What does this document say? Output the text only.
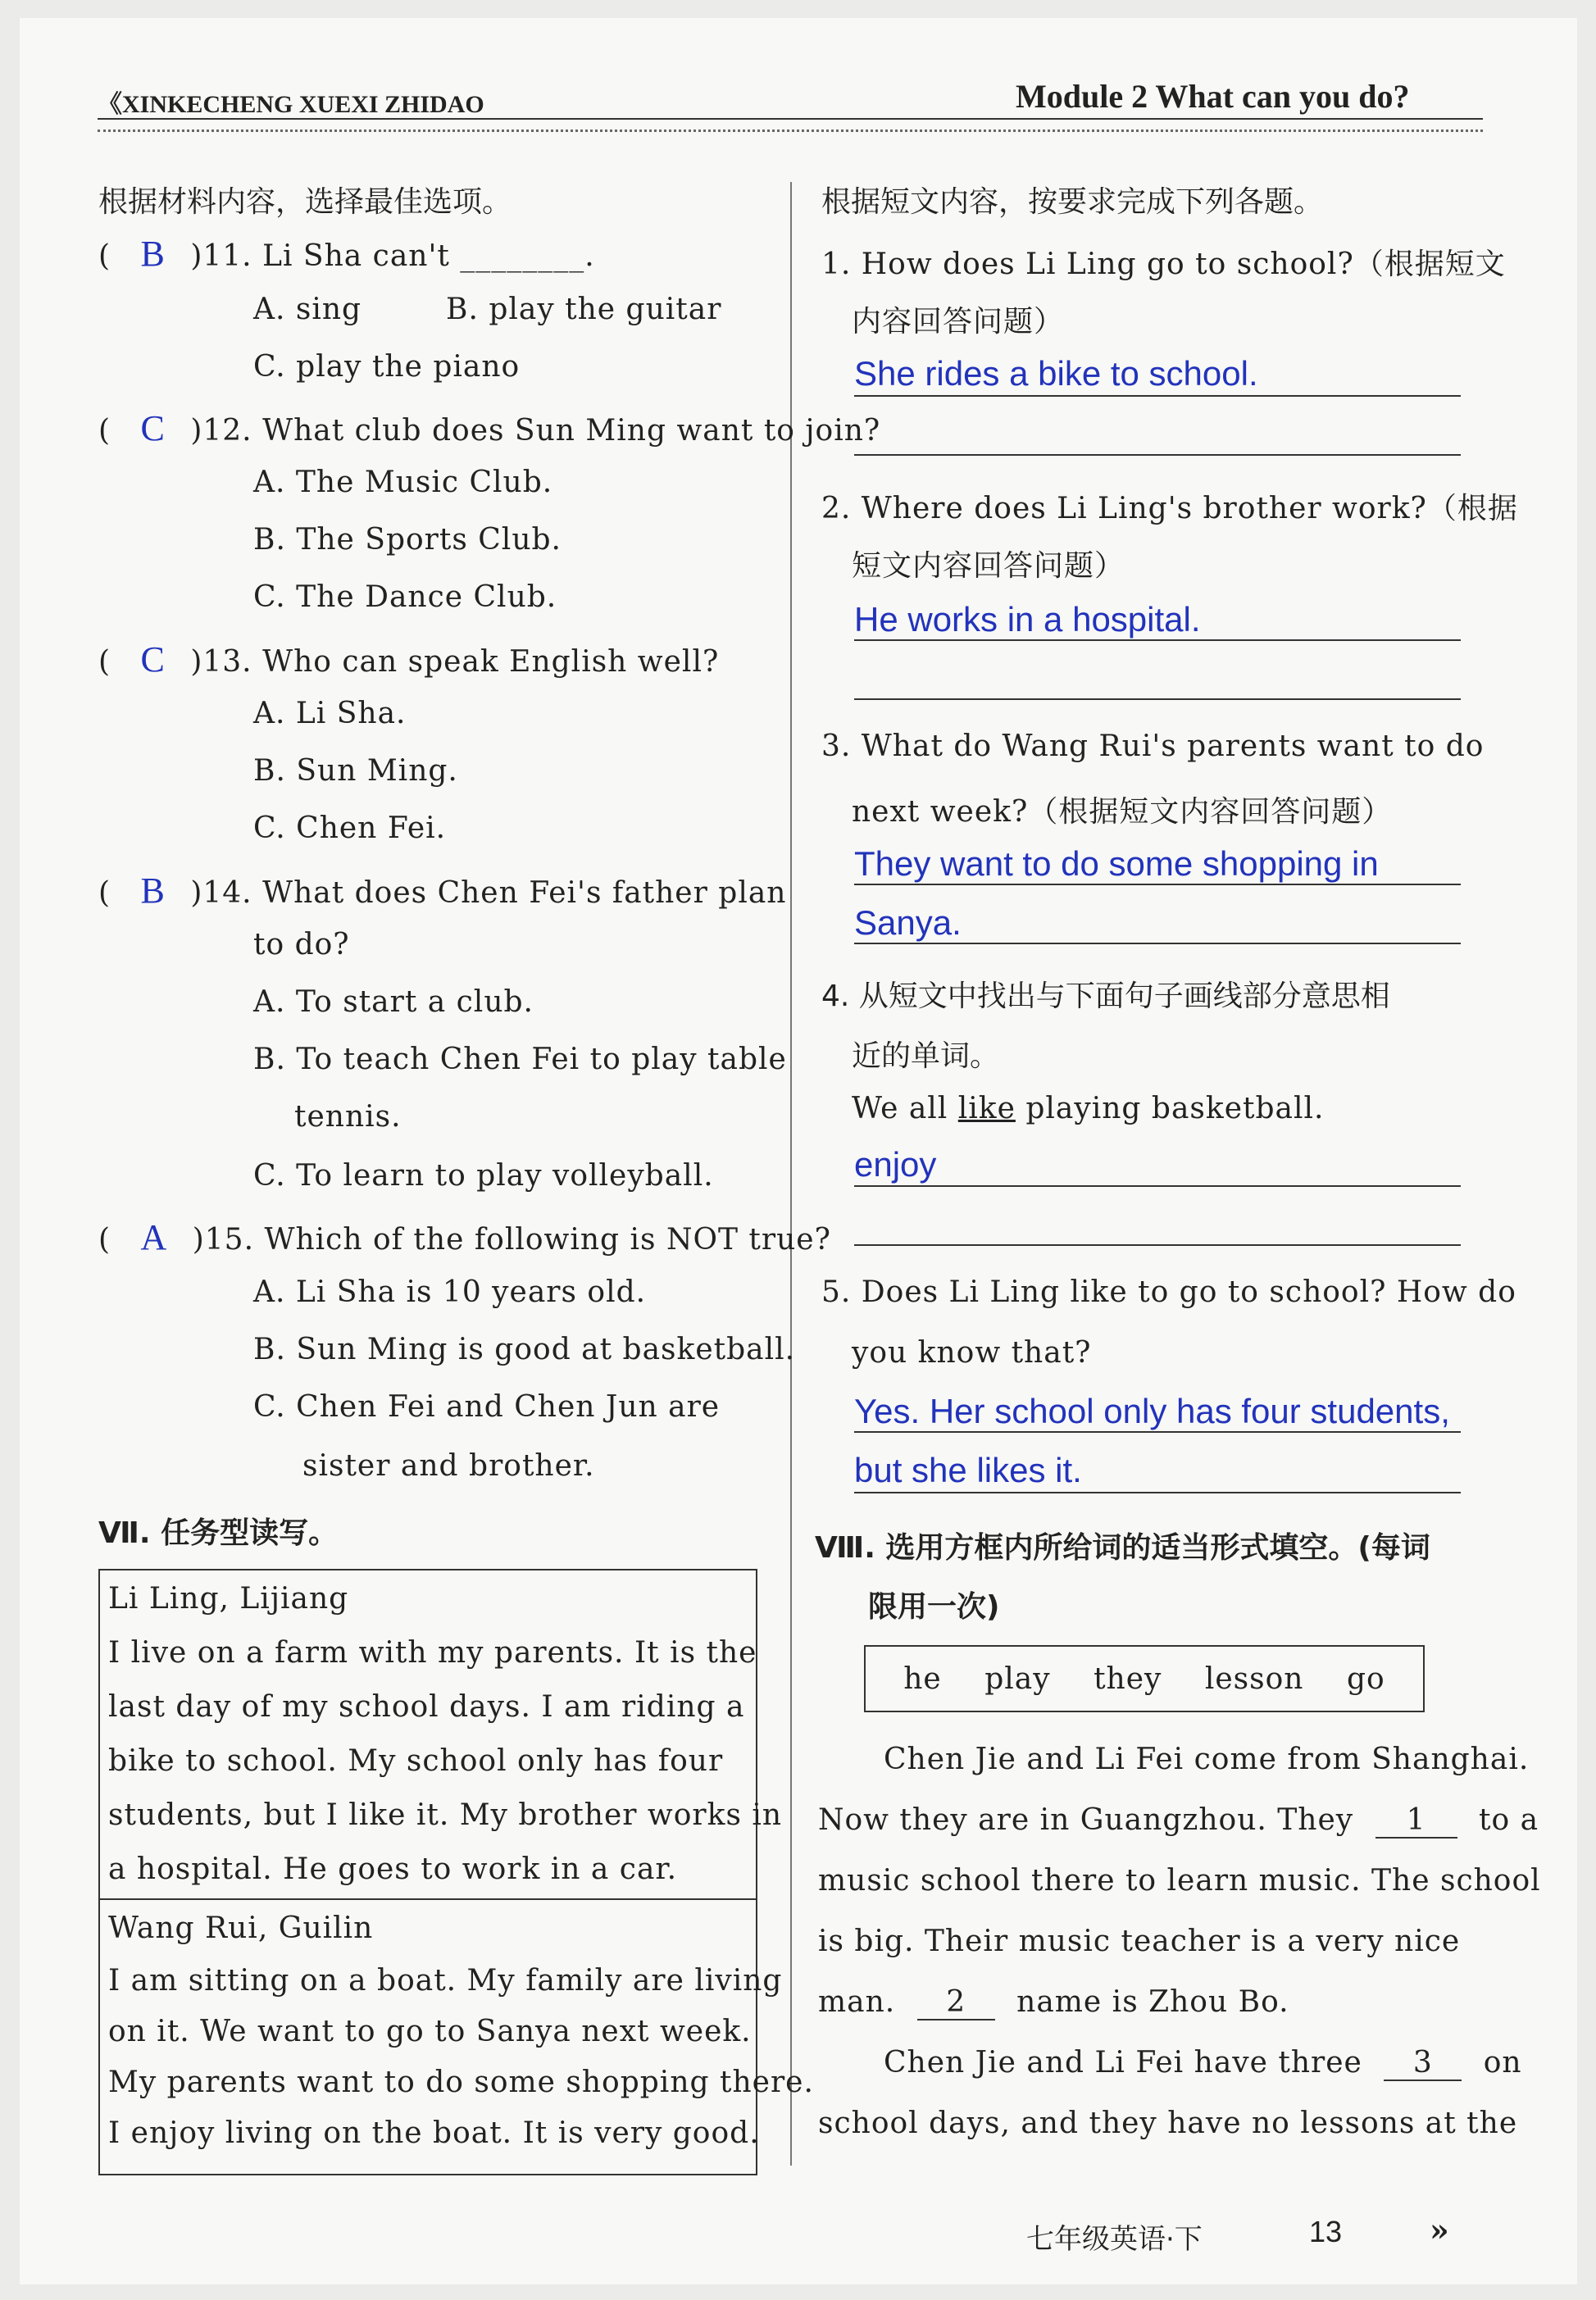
《XINKECHENG XUEXI ZHIDAO	Module 2 What can you do?
根据材料内容，选择最佳选项。
( B )11. Li Sha can't ________.
A. sing	B. play the guitar
C. play the piano
( C )12. What club does Sun Ming want to join?
A. The Music Club.
B. The Sports Club.
C. The Dance Club.
( C )13. Who can speak English well?
A. Li Sha.
B. Sun Ming.
C. Chen Fei.
( B )14. What does Chen Fei's father plan
to do?
A. To start a club.
B. To teach Chen Fei to play table
tennis.
C. To learn to play volleyball.
( A )15. Which of the following is NOT true?
A. Li Sha is 10 years old.
B. Sun Ming is good at basketball.
C. Chen Fei and Chen Jun are
sister and brother.
Ⅶ. 任务型读写。
Li Ling, Lijiang
I live on a farm with my parents. It is the
last day of my school days. I am riding a
bike to school. My school only has four
students, but I like it. My brother works in
a hospital. He goes to work in a car.
Wang Rui, Guilin
I am sitting on a boat. My family are living
on it. We want to go to Sanya next week.
My parents want to do some shopping there.
I enjoy living on the boat. It is very good.
根据短文内容，按要求完成下列各题。
1. How does Li Ling go to school?（根据短文
内容回答问题）
She rides a bike to school.
2. Where does Li Ling's brother work?（根据
短文内容回答问题）
He works in a hospital.
3. What do Wang Rui's parents want to do
next week?（根据短文内容回答问题）
They want to do some shopping in
Sanya.
4. 从短文中找出与下面句子画线部分意思相
近的单词。
We all like playing basketball.
enjoy
5. Does Li Ling like to go to school? How do
you know that?
Yes. Her school only has four students,
but she likes it.
Ⅷ. 选用方框内所给词的适当形式填空。(每词
限用一次)
he play they lesson go
Chen Jie and Li Fei come from Shanghai.
Now they are in Guangzhou. They 1 to a
music school there to learn music. The school
is big. Their music teacher is a very nice
man. 2 name is Zhou Bo.
Chen Jie and Li Fei have three 3 on
school days, and they have no lessons at the
七年级英语·下	13	»
